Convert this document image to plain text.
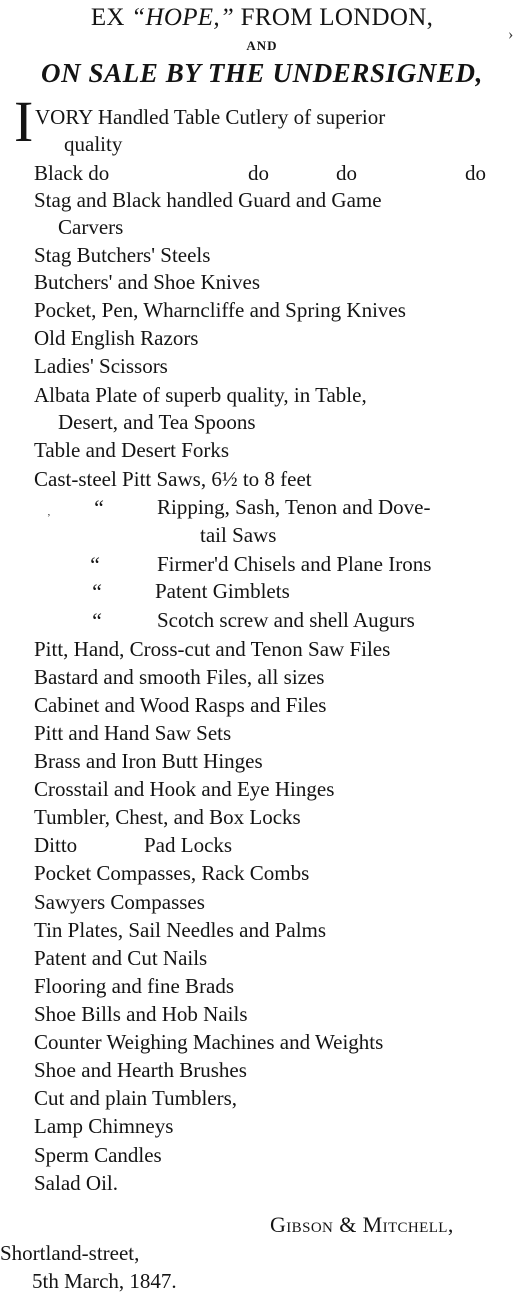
EX “HOPE,” FROM LONDON,
AND
ON SALE BY THE UNDERSIGNED,
I VORY Handled Table Cutlery of superior
quality
Black do	do	do	do
Stag and Black handled Guard and Game
Carvers
Stag Butchers' Steels
Butchers' and Shoe Knives
Pocket, Pen, Wharncliffe and Spring Knives
Old English Razors
Ladies' Scissors
Albata Plate of superb quality, in Table,
Desert, and Tea Spoons
Table and Desert Forks
Cast-steel Pitt Saws, 6½ to 8 feet
“	Ripping, Sash, Tenon and Dove-
tail Saws
“	Firmer'd Chisels and Plane Irons
“	Patent Gimblets
“	Scotch screw and shell Augurs
Pitt, Hand, Cross-cut and Tenon Saw Files
Bastard and smooth Files, all sizes
Cabinet and Wood Rasps and Files
Pitt and Hand Saw Sets
Brass and Iron Butt Hinges
Crosstail and Hook and Eye Hinges
Tumbler, Chest, and Box Locks
Ditto	Pad Locks
Pocket Compasses, Rack Combs
Sawyers Compasses
Tin Plates, Sail Needles and Palms
Patent and Cut Nails
Flooring and fine Brads
Shoe Bills and Hob Nails
Counter Weighing Machines and Weights
Shoe and Hearth Brushes
Cut and plain Tumblers,
Lamp Chimneys
Sperm Candles
Salad Oil.
Gibson & Mitchell,
Shortland-street,
5th March, 1847.
›
’
